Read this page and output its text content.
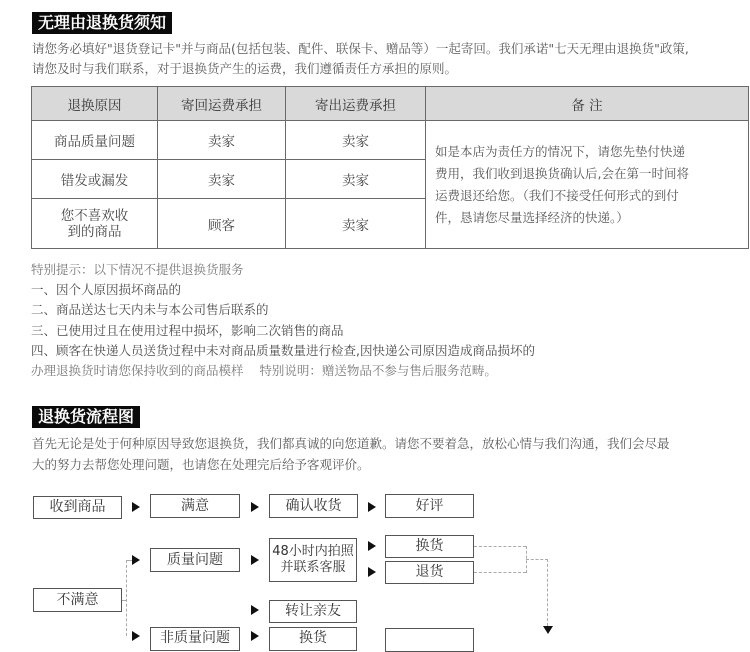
无理由退换货须知
请您务必填好"退货登记卡"并与商品(包括包装、配件、联保卡、赠品等）一起寄回。我们承诺"七天无理由退换货"政策,
请您及时与我们联系，对于退换货产生的运费，我们遵循责任方承担的原则。
退换原因	寄回运费承担	寄出运费承担	备 注
商品质量问题	卖家	卖家	如是本店为责任方的情况下，请您先垫付快递
费用，我们收到退换货确认后,会在第一时间将
运费退还给您。（我们不接受任何形式的到付
件，恳请您尽量选择经济的快递。）

错发或漏发	卖家	卖家	

您不喜欢收
到的商品	顾客	卖家	
特别提示：以下情况不提供退换货服务
一、因个人原因损坏商品的
二、商品送达七天内未与本公司售后联系的
三、已使用过且在使用过程中损坏，影响二次销售的商品
四、顾客在快递人员送货过程中未对商品质量数量进行检查,因快递公司原因造成商品损坏的
办理退换货时请您保持收到的商品模样    特别说明：赠送物品不参与售后服务范畴。
退换货流程图
首先无论是处于何种原因导致您退换货，我们都真诚的向您道歉。请您不要着急，放松心情与我们沟通，我们会尽最
大的努力去帮您处理问题，也请您在处理完后给予客观评价。
收到商品	满意	确认收货	好评
不满意
质量问题	48小时内拍照
并联系客服
换货
退货
转让亲友
非质量问题	换货
